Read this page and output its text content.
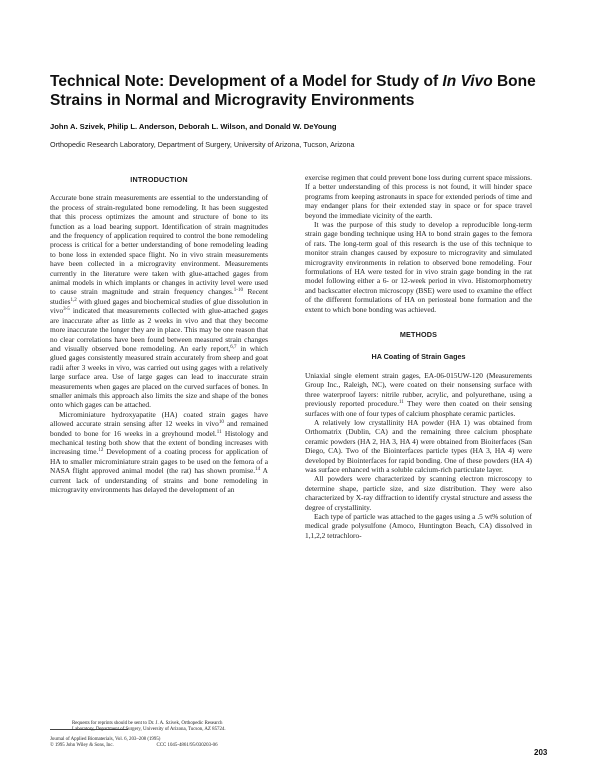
Technical Note: Development of a Model for Study of In Vivo Bone Strains in Normal and Microgravity Environments
John A. Szivek, Philip L. Anderson, Deborah L. Wilson, and Donald W. DeYoung
Orthopedic Research Laboratory, Department of Surgery, University of Arizona, Tucson, Arizona
INTRODUCTION

Accurate bone strain measurements are essential to the understanding of the process of strain-regulated bone remodeling. It has been suggested that this process optimizes the amount and structure of bone to its function as a load bearing support. Identification of strain magnitudes and the frequency of application required to control the bone remodeling process is critical for a better understanding of bone remodeling leading to bone loss in extended space flight. No in vivo strain measurements have been collected in a microgravity environment. Measurements currently in the literature were taken with glue-attached gages from animal models in which implants or changes in activity level were used to cause strain magnitude and strain frequency changes.$^{1-10}$ Recent studies$^{1,2}$ with glued gages and biochemical studies of glue dissolution in vivo$^{3-5}$ indicated that measurements collected with glue-attached gages are inaccurate after as little as 2 weeks in vivo and that they become more inaccurate the longer they are in place. This may be one reason that no clear correlations have been found between measured strain changes and visually observed bone remodeling. An early report,$^{6,7}$ in which glued gages consistently measured strain accurately from sheep and goat radii after 3 weeks in vivo, was carried out using gages with a relatively large surface area. Use of large gages can lead to inaccurate strain measurements when gages are placed on the curved surfaces of bones. In smaller animals this approach also limits the size and shape of the bones onto which gages can be attached.

Microminiature hydroxyapatite (HA) coated strain gages have allowed accurate strain sensing after 12 weeks in vivo$^{10}$ and remained bonded to bone for 16 weeks in a greyhound model.$^{11}$ Histology and mechanical testing both show that the extent of bonding increases with increasing time.$^{12}$ Development of a coating process for application of HA to smaller microminiature strain gages to be used on the femora of a NASA flight approved animal model (the rat) has shown promise.$^{14}$ A current lack of understanding of strains and bone remodeling in microgravity environments has delayed the development of an

exercise regimen that could prevent bone loss during current space missions. If a better understanding of this process is not found, it will hinder space programs from keeping astronauts in space for extended periods of time and may endanger plans for their extended stay in space or for space travel beyond the immediate vicinity of the earth.

It was the purpose of this study to develop a reproducible long-term strain gage bonding technique using HA to bond strain gages to the femora of rats. The long-term goal of this research is the use of this technique to monitor strain changes caused by exposure to microgravity and simulated microgravity environments in relation to observed bone remodeling. Four formulations of HA were tested for in vivo strain gage bonding in the rat model following either a 6- or 12-week period in vivo. Histomorphometry and backscatter electron microscopy (BSE) were used to examine the effect of the different formulations of HA on periosteal bone formation and the extent to which bone bonding was achieved.

METHODS
HA Coating of Strain Gages

Uniaxial single element strain gages, EA-06-015UW-120 (Measurements Group Inc., Raleigh, NC), were coated on their nonsensing surface with three waterproof layers: nitrile rubber, acrylic, and polyurethane, using a previously reported procedure.$^{11}$ They were then coated on their sensing surfaces with one of four types of calcium phosphate ceramic particles.

A relatively low crystallinity HA powder (HA 1) was obtained from Orthomatrix (Dublin, CA) and the remaining three calcium phosphate ceramic powders (HA 2, HA 3, HA 4) were obtained from Bioiterfaces (San Diego, CA). Two of the Biointerfaces particle types (HA 3, HA 4) were developed by Biointerfaces for rapid bonding. One of these powders (HA 4) was surface enhanced with a soluble calcium-rich particulate layer.

All powders were characterized by scanning electron microscopy to determine shape, particle size, and size distribution. They were also characterized by X-ray diffraction to identify crystal structure and assess the degree of crystallinity.

Each type of particle was attached to the gages using a .5 wt% solution of medical grade polysulfone (Amoco, Huntington Beach, CA) dissolved in 1,1,2,2 tetrachloro-

Requests for reprints should be sent to Dr. J. A. Szivek, Orthopedic Research
Laboratory, Department of Surgery, University of Arizona, Tucson, AZ 85724.
Journal of Applied Biomaterials, Vol. 6, 203–208 (1995)
© 1995 John Wiley & Sons, Inc.                                   CCC 1045-4861/95/030203-06
203
